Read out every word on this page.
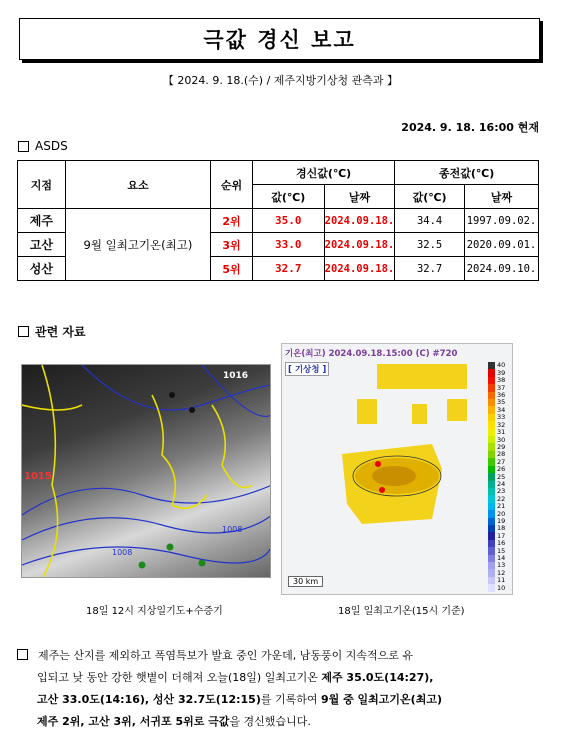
극값 경신 보고
【 2024. 9. 18.(수) / 제주지방기상청 관측과 】
2024. 9. 18. 16:00 현재
ASDS
지점	요소	순위	경신값(℃)		종전값(℃)	
			값(℃)	날짜	값(℃)	날짜
제주	9월 일최고기온(최고)	2위	35.0	2024.09.18.	34.4	1997.09.02.
고산		3위	33.0	2024.09.18.	32.5	2020.09.01.
성산		5위	32.7	2024.09.18.	32.7	2024.09.10.
관련 자료
1016
1015
1008
1008
18일 12시 지상일기도+수증기
기온(최고) 2024.09.18.15:00 (C) #720
[ 기상청 ]	40
39
38
37
36
35
34
33
32
31
30
29
28
27
26
25
24
23
22
21
20
19
18
17
16
15
14
13
12
11
10
30 km
18일 일최고기온(15시 기준)
제주는 산지를 제외하고 폭염특보가 발효 중인 가운데, 남동풍이 지속적으로 유
입되고 낮 동안 강한 햇볕이 더해져 오늘(18일) 일최고기온 제주 35.0도(14:27),
고산 33.0도(14:16), 성산 32.7도(12:15)를 기록하여 9월 중 일최고기온(최고)
제주 2위, 고산 3위, 서귀포 5위로 극값을 경신했습니다.
